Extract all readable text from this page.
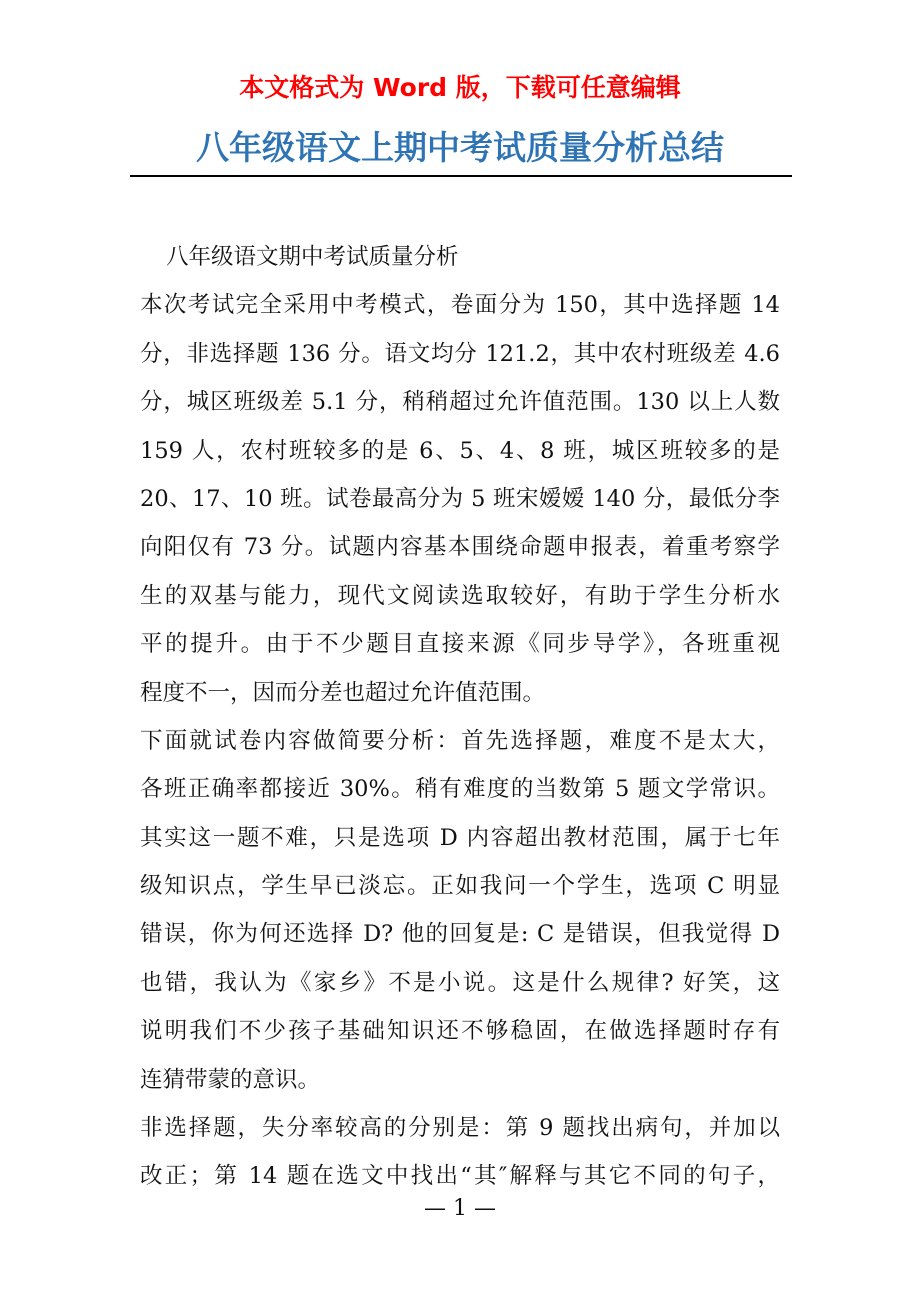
本文格式为 Word 版，下载可任意编辑
八年级语文上期中考试质量分析总结
八年级语文期中考试质量分析
本次考试完全采用中考模式，卷面分为 150，其中选择题 14
分，非选择题 136 分。语文均分 121.2，其中农村班级差 4.6
分，城区班级差 5.1 分，稍稍超过允许值范围。130 以上人数
159 人，农村班较多的是 6、5、4、8 班，城区班较多的是
20、17、10 班。试卷最高分为 5 班宋嫒嫒 140 分，最低分李
向阳仅有 73 分。试题内容基本围绕命题申报表，着重考察学
生的双基与能力，现代文阅读选取较好，有助于学生分析水
平的提升。由于不少题目直接来源《同步导学》，各班重视
程度不一，因而分差也超过允许值范围。
下面就试卷内容做简要分析：首先选择题，难度不是太大，
各班正确率都接近 30%。稍有难度的当数第 5 题文学常识。
其实这一题不难，只是选项 D 内容超出教材范围，属于七年
级知识点，学生早已淡忘。正如我问一个学生，选项 C 明显
错误，你为何还选择 D? 他的回复是: C 是错误，但我觉得 D
也错，我认为《家乡》不是小说。这是什么规律? 好笑，这
说明我们不少孩子基础知识还不够稳固，在做选择题时存有
连猜带蒙的意识。
非选择题，失分率较高的分别是：第 9 题找出病句，并加以
改正；第 14 题在选文中找出“其″解释与其它不同的句子，
— 1 —
